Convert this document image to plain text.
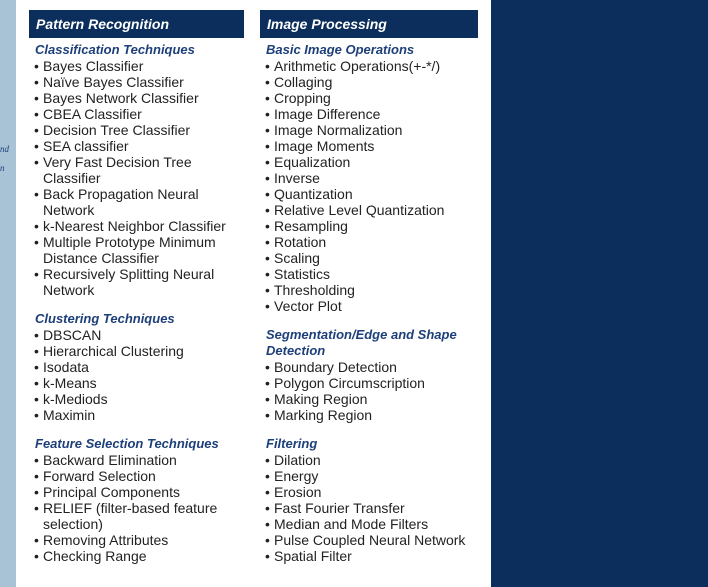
nd
n
Pattern Recognition
Classification Techniques
• Bayes Classifier
• Naïve Bayes Classifier
• Bayes Network Classifier
• CBEA Classifier
• Decision Tree Classifier
• SEA classifier
• Very Fast Decision Tree Classifier
• Back Propagation Neural Network
• k-Nearest Neighbor Classifier
• Multiple Prototype Minimum Distance Classifier
• Recursively Splitting Neural Network
Clustering Techniques
• DBSCAN
• Hierarchical Clustering
• Isodata
• k-Means
• k-Mediods
• Maximin
Feature Selection Techniques
• Backward Elimination
• Forward Selection
• Principal Components
• RELIEF (filter-based feature selection)
• Removing Attributes
• Checking Range
Image Processing
Basic Image Operations
• Arithmetic Operations(+-*/)
• Collaging
• Cropping
• Image Difference
• Image Normalization
• Image Moments
• Equalization
• Inverse
• Quantization
• Relative Level Quantization
• Resampling
• Rotation
• Scaling
• Statistics
• Thresholding
• Vector Plot
Segmentation/Edge and Shape Detection
• Boundary Detection
• Polygon Circumscription
• Making Region
• Marking Region
Filtering
• Dilation
• Energy
• Erosion
• Fast Fourier Transfer
• Median and Mode Filters
• Pulse Coupled Neural Network
• Spatial Filter
